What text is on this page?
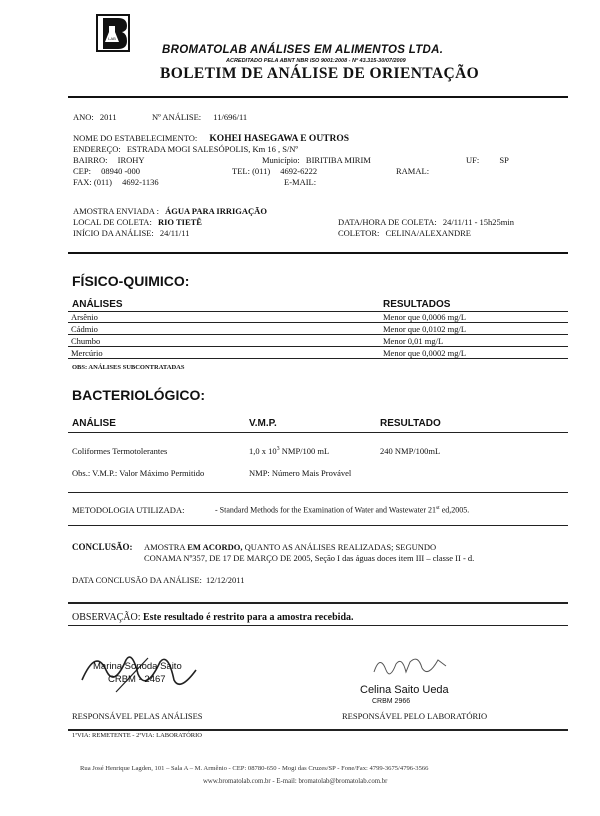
LAB
BROMATOLAB ANÁLISES EM ALIMENTOS LTDA.
ACREDITADO PELA ABNT NBR ISO 9001:2008 - Nº 43.315-30/07/2009
BOLETIM DE ANÁLISE DE ORIENTAÇÃO
ANO: 2011	Nº ANÁLISE: 11/696/11
NOME DO ESTABELECIMENTO: KOHEI HASEGAWA E OUTROS
ENDEREÇO: ESTRADA MOGI SALESÓPOLIS, Km 16 , S/Nº
BAIRRO: IROHY	Município: BIRITIBA MIRIM	UF: SP
CEP: 08940 -000	TEL: (011) 4692-6222	RAMAL:
FAX: (011) 4692-1136	E-MAIL:
AMOSTRA ENVIADA : ÁGUA PARA IRRIGAÇÃO
LOCAL DE COLETA: RIO TIETÊ
INÍCIO DA ANÁLISE: 24/11/11
DATA/HORA DE COLETA: 24/11/11 - 15h25min
COLETOR: CELINA/ALEXANDRE
FÍSICO-QUIMICO:
ANÁLISES	RESULTADOS
Arsênio	Menor que 0,0006 mg/L
Cádmio	Menor que 0,0102 mg/L
Chumbo	Menor 0,01 mg/L
Mercúrio	Menor que 0,0002 mg/L
OBS: ANÁLISES SUBCONTRATADAS
BACTERIOLÓGICO:
ANÁLISE	V.M.P.	RESULTADO
Coliformes Termotolerantes	1,0 x $10^3$ NMP/100 mL	240 NMP/100mL
Obs.: V.M.P.: Valor Máximo Permitido	NMP: Número Mais Provável
METODOLOGIA UTILIZADA:	- Standard Methods for the Examination of Water and Wastewater 21st ed,2005.
CONCLUSÃO: AMOSTRA EM ACORDO, QUANTO AS ANÁLISES REALIZADAS; SEGUNDO
CONAMA Nº357, DE 17 DE MARÇO DE 2005, Seção I das águas doces item III – classe II - d.
DATA CONCLUSÃO DA ANÁLISE: 12/12/2011
OBSERVAÇÃO: Este resultado é restrito para a amostra recebida.
Marina Sonoda Saito
CRBM - 2467
Celina Saito Ueda
CRBM 2966
RESPONSÁVEL PELAS ANÁLISES	RESPONSÁVEL PELO LABORATÓRIO
1ªVIA: REMETENTE - 2ªVIA: LABORATÓRIO
Rua José Henrique Lagden, 101 – Sala A – M. Armênio - CEP: 08780-650 - Mogi das Cruzes/SP - Fone/Fax: 4799-3675/4796-3566
www.bromatolab.com.br - E-mail: bromatolab@bromatolab.com.br
